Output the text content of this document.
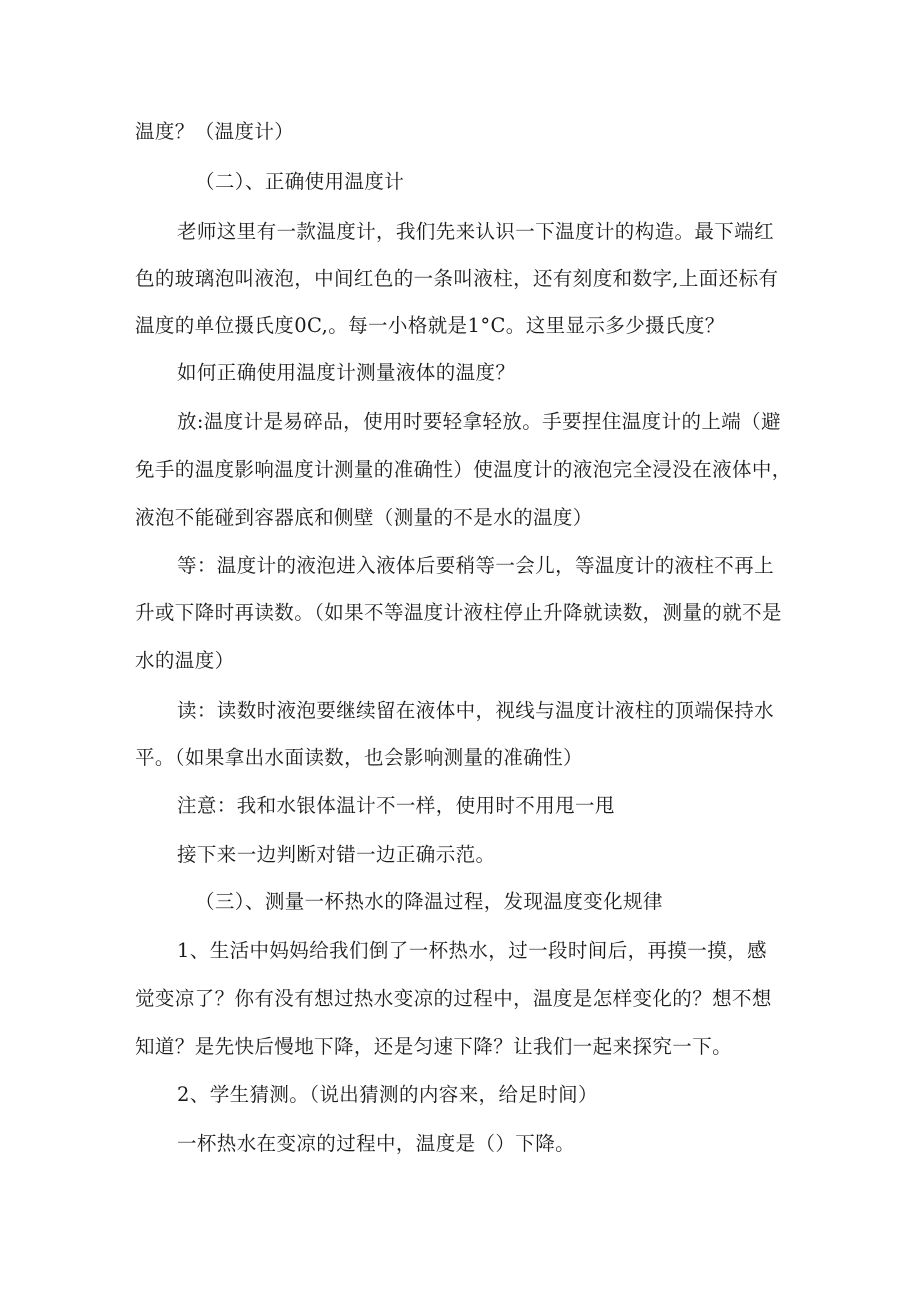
温度？（温度计）
（二）、正确使用温度计
老师这里有一款温度计，我们先来认识一下温度计的构造。最下端红
色的玻璃泡叫液泡，中间红色的一条叫液柱，还有刻度和数字,上面还标有
温度的单位摄氏度0C,。每一小格就是1°C。这里显示多少摄氏度？
如何正确使用温度计测量液体的温度？
放:温度计是易碎品，使用时要轻拿轻放。手要捏住温度计的上端（避
免手的温度影响温度计测量的准确性）使温度计的液泡完全浸没在液体中，
液泡不能碰到容器底和侧壁（测量的不是水的温度）
等：温度计的液泡进入液体后要稍等一会儿，等温度计的液柱不再上
升或下降时再读数。（如果不等温度计液柱停止升降就读数，测量的就不是
水的温度）
读：读数时液泡要继续留在液体中，视线与温度计液柱的顶端保持水
平。（如果拿出水面读数，也会影响测量的准确性）
注意：我和水银体温计不一样，使用时不用甩一甩
接下来一边判断对错一边正确示范。
（三）、测量一杯热水的降温过程，发现温度变化规律
1、生活中妈妈给我们倒了一杯热水，过一段时间后，再摸一摸，感
觉变凉了？你有没有想过热水变凉的过程中，温度是怎样变化的？想不想
知道？是先快后慢地下降，还是匀速下降？让我们一起来探究一下。
2、学生猜测。（说出猜测的内容来，给足时间）
一杯热水在变凉的过程中，温度是（）下降。
